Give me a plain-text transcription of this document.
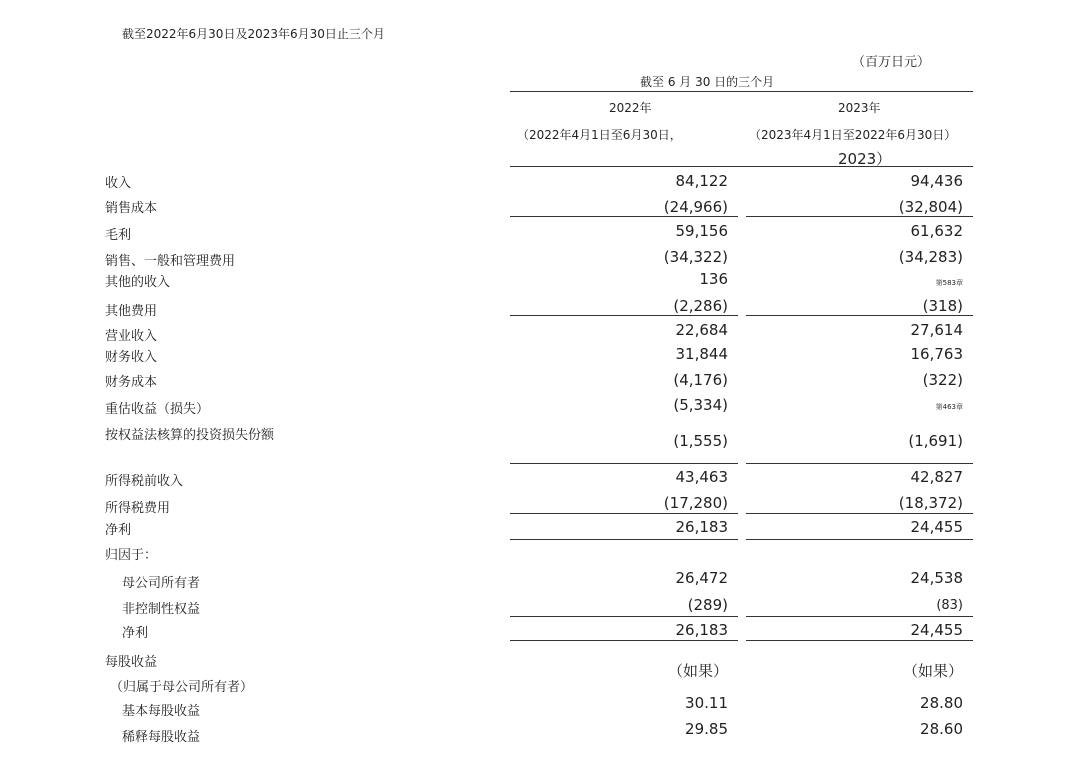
截至2022年6月30日及2023年6月30日止三个月
（百万日元）
截至 6 月 30 日的三个月
2022年	2023年
（2022年4月1日至6月30日，	（2023年4月1日至2022年6月30日）
2023）
收入	84,122	94,436
销售成本	(24,966)	(32,804)
毛利	59,156	61,632
销售、一般和管理费用	(34,322)	(34,283)
其他的收入	136	第583章
其他费用	(2,286)	(318)
营业收入	22,684	27,614
财务收入	31,844	16,763
财务成本	(4,176)	(322)
重估收益（损失）	(5,334)	第463章
按权益法核算的投资损失份额	(1,555)	(1,691)
所得税前收入	43,463	42,827
所得税费用	(17,280)	(18,372)
净利	26,183	24,455
归因于：
母公司所有者	26,472	24,538
非控制性权益	(289)	(83)
净利	26,183	24,455
每股收益	（如果）	（如果）
（归属于母公司所有者）
基本每股收益	30.11	28.80
稀释每股收益	29.85	28.60
